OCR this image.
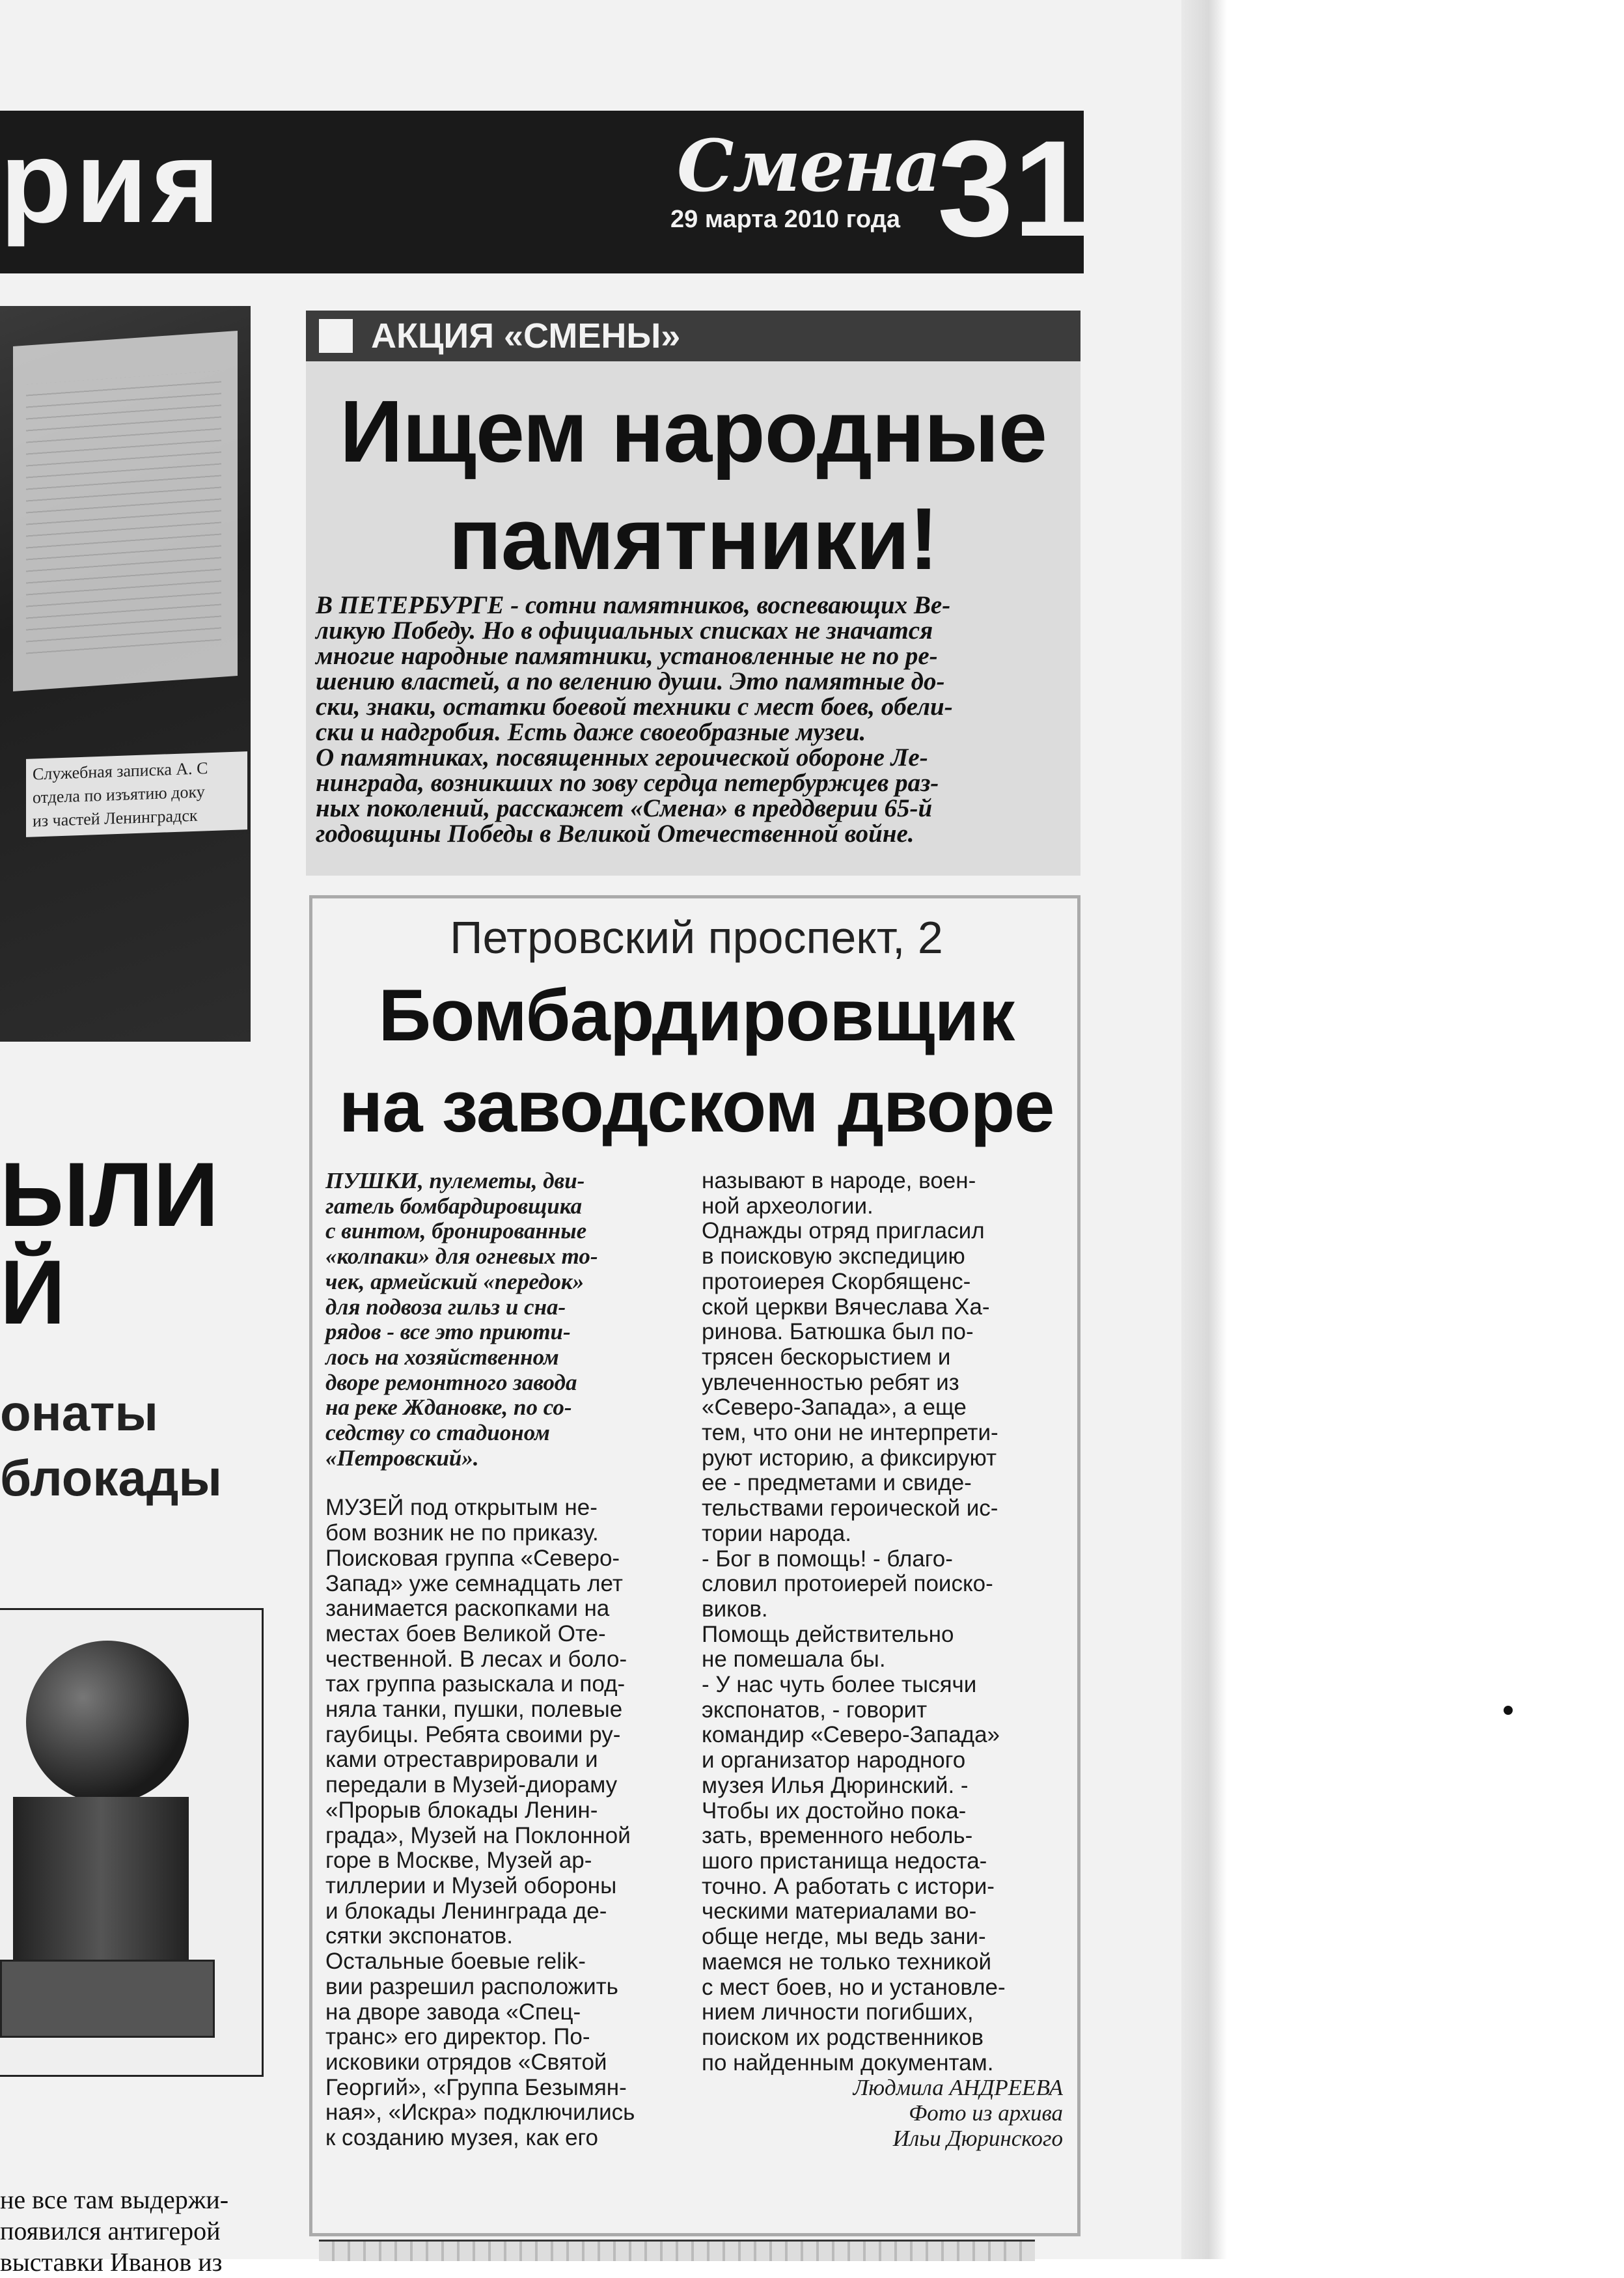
рия	Смена
29 марта 2010 года 31
Служебная записка А. С
отдела по изъятию доку
из частей Ленинградск
ЫЛИ
Й
онаты
блокады
не все там выдержи-
появился антигерой
выставки Иванов из
АКЦИЯ «СМЕНЫ»
Ищем народные
памятники!
В ПЕТЕРБУРГЕ - сотни памятников, воспевающих Ве-
ликую Победу. Но в официальных списках не значатся
многие народные памятники, установленные не по ре-
шению властей, а по велению души. Это памятные до-
ски, знаки, остатки боевой техники с мест боев, обели-
ски и надгробия. Есть даже своеобразные музеи.
О памятниках, посвященных героической обороне Ле-
нинграда, возникших по зову сердца петербуржцев раз-
ных поколений, расскажет «Смена» в преддверии 65-й
годовщины Победы в Великой Отечественной войне.
Петровский проспект, 2
Бомбардировщик
на заводском дворе
ПУШКИ, пулеметы, дви-
гатель бомбардировщика
с винтом, бронированные
«колпаки» для огневых то-
чек, армейский «передок»
для подвоза гильз и сна-
рядов - все это приюти-
лось на хозяйственном
дворе ремонтного завода
на реке Ждановке, по со-
седству со стадионом
«Петровский».
МУЗЕЙ под открытым не-
бом возник не по приказу.
Поисковая группа «Северо-
Запад» уже семнадцать лет
занимается раскопками на
местах боев Великой Оте-
чественной. В лесах и боло-
тах группа разыскала и под-
няла танки, пушки, полевые
гаубицы. Ребята своими ру-
ками отреставрировали и
передали в Музей-диораму
«Прорыв блокады Ленин-
града», Музей на Поклонной
горе в Москве, Музей ар-
тиллерии и Музей обороны
и блокады Ленинграда де-
сятки экспонатов.
Остальные боевые relik-
вии разрешил расположить
на дворе завода «Спец-
транс» его директор. По-
исковики отрядов «Святой
Георгий», «Группа Безымян-
ная», «Искра» подключились
к созданию музея, как его
называют в народе, воен-
ной археологии.
Однажды отряд пригласил
в поисковую экспедицию
протоиерея Скорбященс-
ской церкви Вячеслава Ха-
ринова. Батюшка был по-
трясен бескорыстием и
увлеченностью ребят из
«Северо-Запада», а еще
тем, что они не интерпрети-
руют историю, а фиксируют
ее - предметами и свиде-
тельствами героической ис-
тории народа.
- Бог в помощь! - благо-
словил протоиерей поиско-
виков.
Помощь действительно
не помешала бы.
- У нас чуть более тысячи
экспонатов, - говорит
командир «Северо-Запада»
и организатор народного
музея Илья Дюринский. -
Чтобы их достойно пока-
зать, временного неболь-
шого пристанища недоста-
точно. А работать с истори-
ческими материалами во-
обще негде, мы ведь зани-
маемся не только техникой
с мест боев, но и установле-
нием личности погибших,
поиском их родственников
по найденным документам.
Людмила АНДРЕЕВА
Фото из архива
Ильи Дюринского
